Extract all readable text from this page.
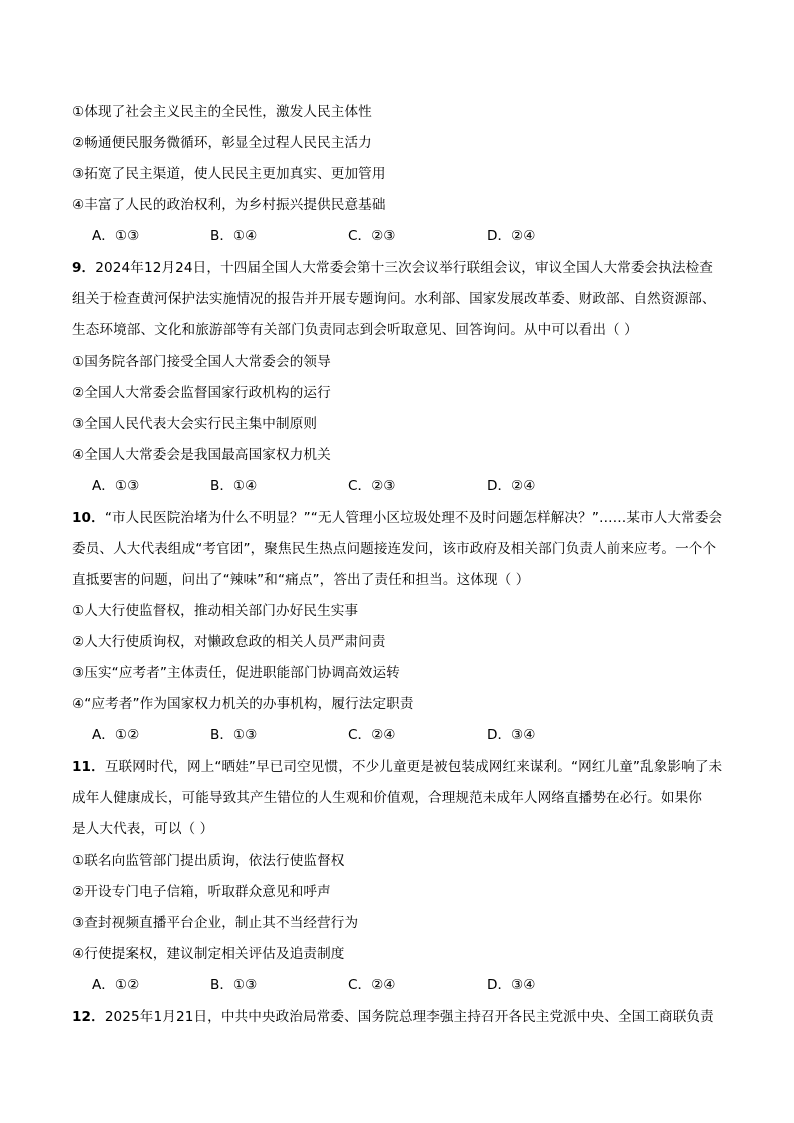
①体现了社会主义民主的全民性，激发人民主体性
②畅通便民服务微循环，彰显全过程人民民主活力
③拓宽了民主渠道，使人民民主更加真实、更加管用
④丰富了人民的政治权利，为乡村振兴提供民意基础
A．①③	B．①④	C．②③	D．②④
9．2024年12月24日，十四届全国人大常委会第十三次会议举行联组会议，审议全国人大常委会执法检查
组关于检查黄河保护法实施情况的报告并开展专题询问。水利部、国家发展改革委、财政部、自然资源部、
生态环境部、文化和旅游部等有关部门负责同志到会听取意见、回答询问。从中可以看出（ ）
①国务院各部门接受全国人大常委会的领导
②全国人大常委会监督国家行政机构的运行
③全国人民代表大会实行民主集中制原则
④全国人大常委会是我国最高国家权力机关
A．①③	B．①④	C．②③	D．②④
10．“市人民医院治堵为什么不明显？”“无人管理小区垃圾处理不及时问题怎样解决？”……某市人大常委会
委员、人大代表组成“考官团”，聚焦民生热点问题接连发问，该市政府及相关部门负责人前来应考。一个个
直抵要害的问题，问出了“辣味”和“痛点”，答出了责任和担当。这体现（ ）
①人大行使监督权，推动相关部门办好民生实事
②人大行使质询权，对懒政怠政的相关人员严肃问责
③压实“应考者”主体责任，促进职能部门协调高效运转
④“应考者”作为国家权力机关的办事机构，履行法定职责
A．①②	B．①③	C．②④	D．③④
11．互联网时代，网上“晒娃”早已司空见惯，不少儿童更是被包装成网红来谋利。“网红儿童”乱象影响了未
成年人健康成长，可能导致其产生错位的人生观和价值观，合理规范未成年人网络直播势在必行。如果你
是人大代表，可以（ ）
①联名向监管部门提出质询，依法行使监督权
②开设专门电子信箱，听取群众意见和呼声
③查封视频直播平台企业，制止其不当经营行为
④行使提案权，建议制定相关评估及追责制度
A．①②	B．①③	C．②④	D．③④
12．2025年1月21日，中共中央政治局常委、国务院总理李强主持召开各民主党派中央、全国工商联负责
